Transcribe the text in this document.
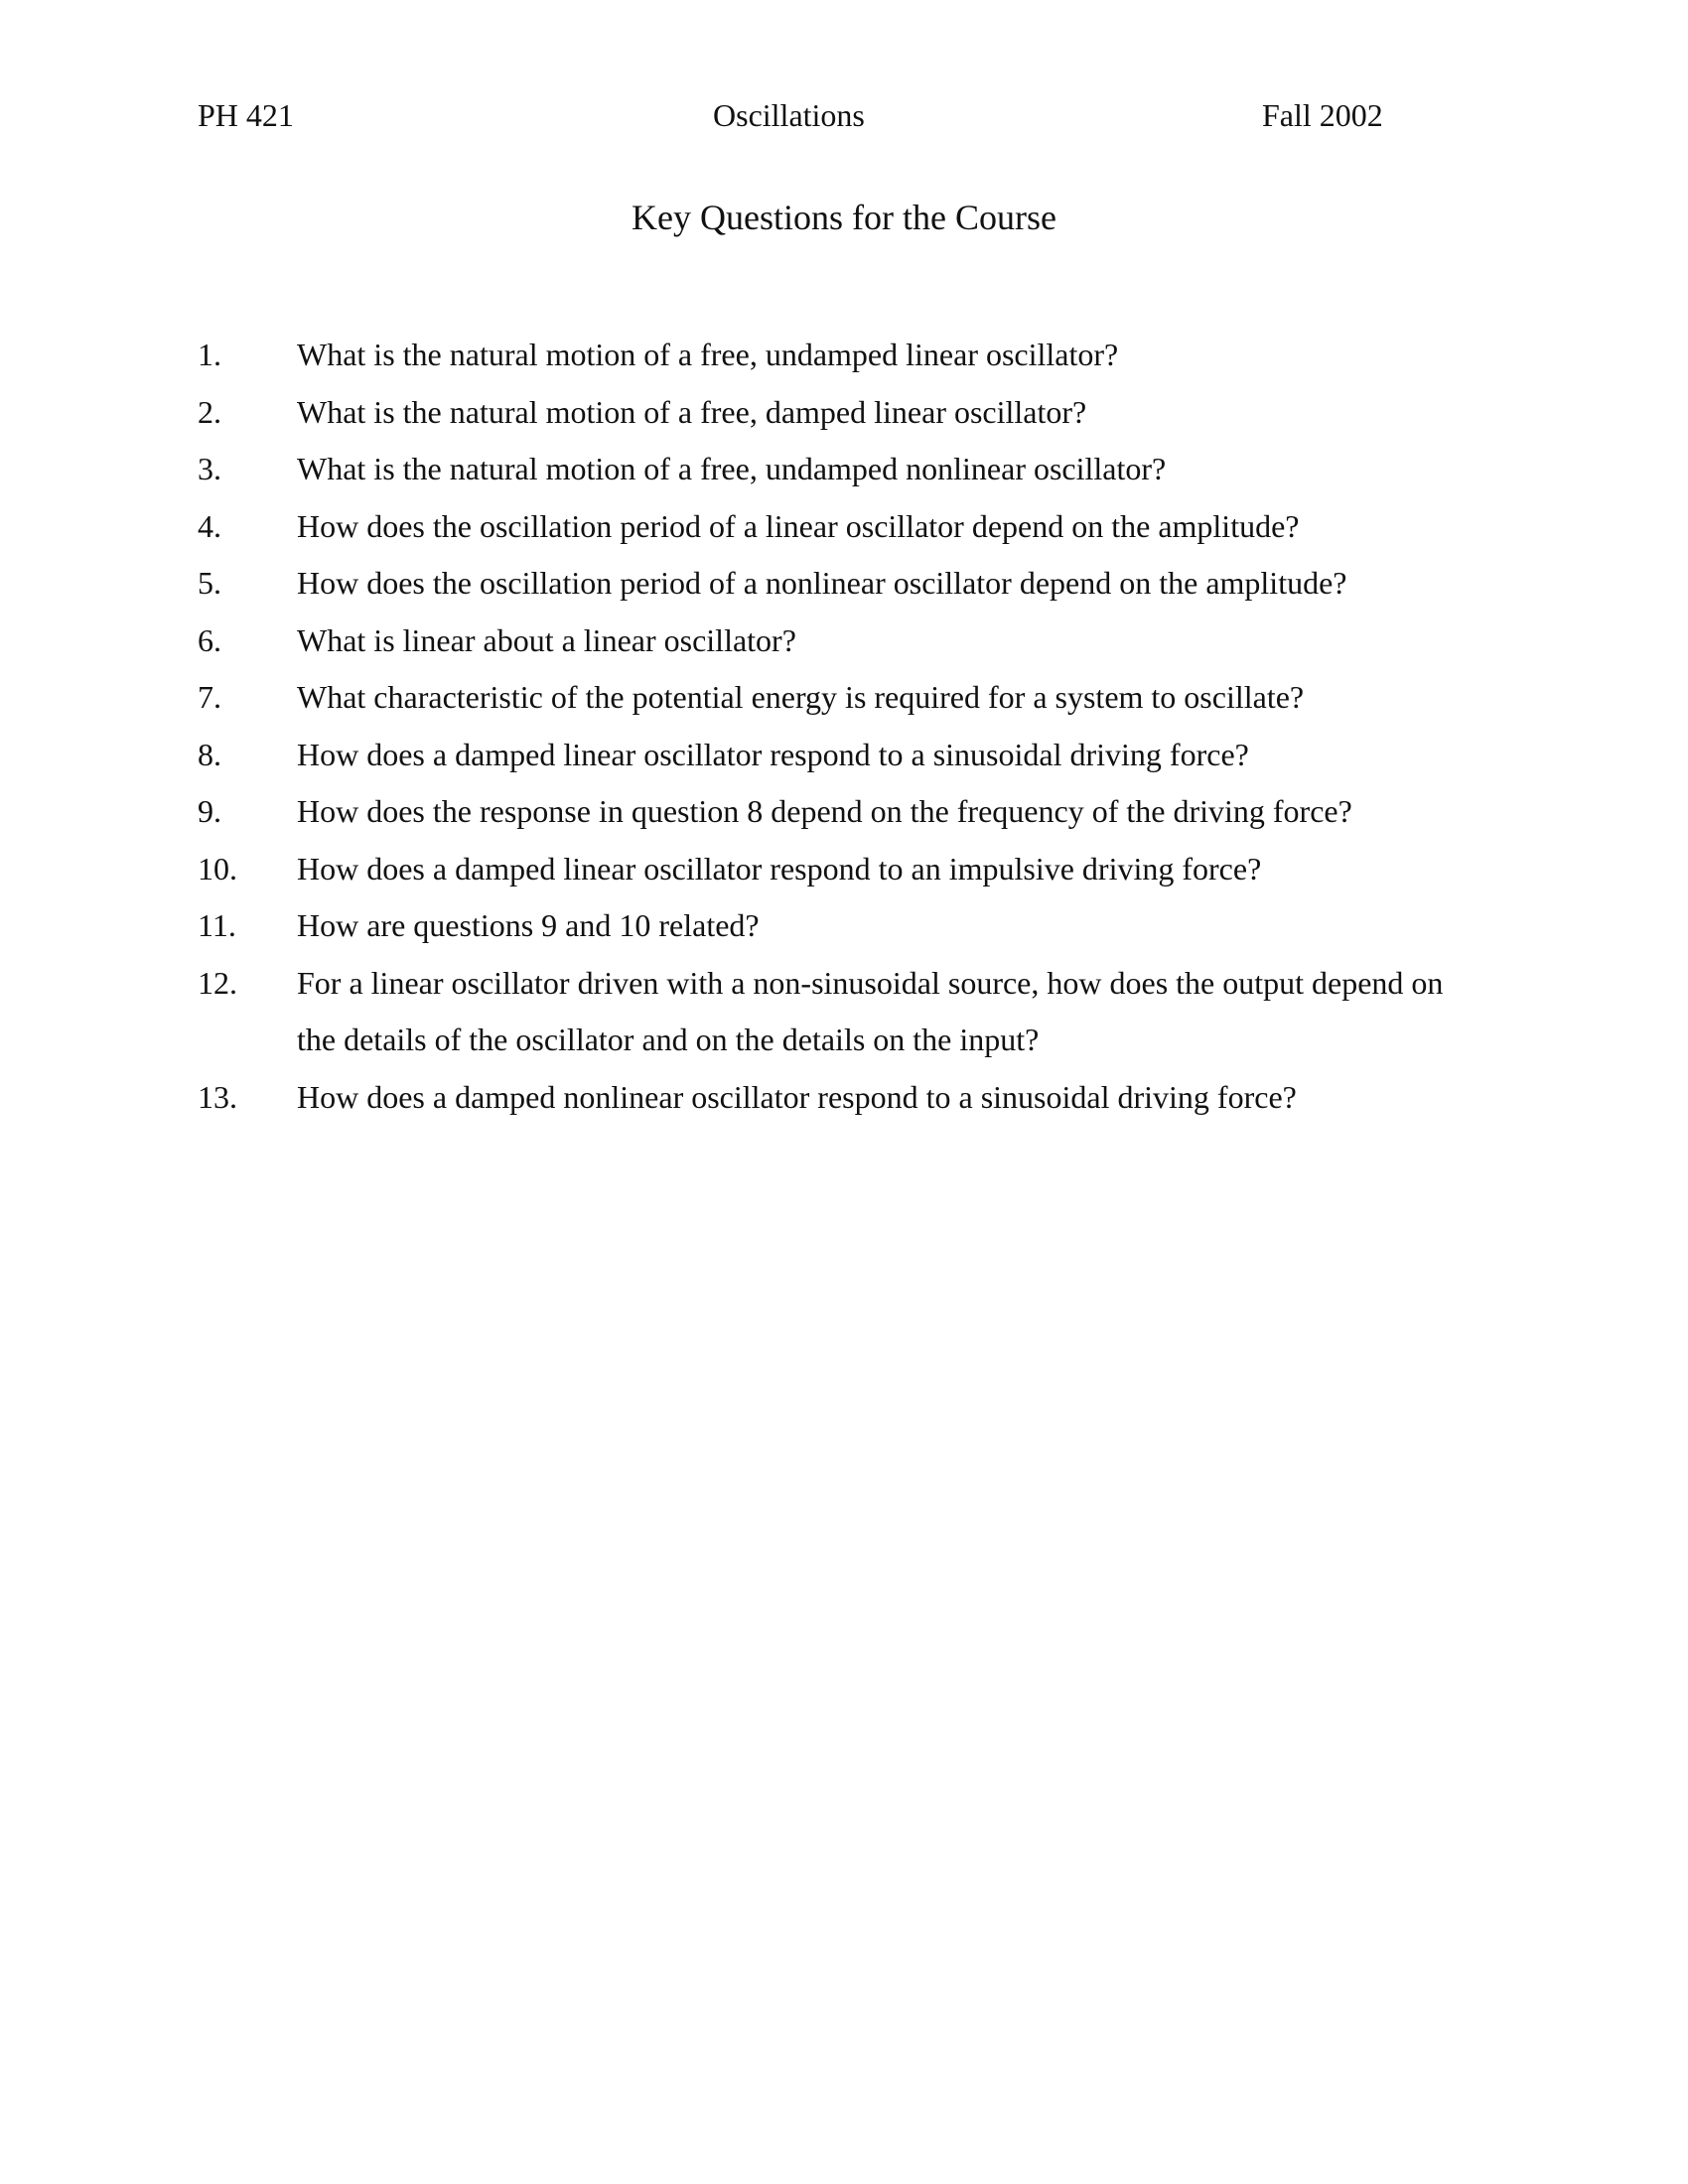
PH 421	Oscillations	Fall 2002
Key Questions for the Course
1. What is the natural motion of a free, undamped linear oscillator?
2. What is the natural motion of a free, damped linear oscillator?
3. What is the natural motion of a free, undamped nonlinear oscillator?
4. How does the oscillation period of a linear oscillator depend on the amplitude?
5. How does the oscillation period of a nonlinear oscillator depend on the amplitude?
6. What is linear about a linear oscillator?
7. What characteristic of the potential energy is required for a system to oscillate?
8. How does a damped linear oscillator respond to a sinusoidal driving force?
9. How does the response in question 8 depend on the frequency of the driving force?
10. How does a damped linear oscillator respond to an impulsive driving force?
11. How are questions 9 and 10 related?
12. For a linear oscillator driven with a non-sinusoidal source, how does the output depend on the details of the oscillator and on the details on the input?
13. How does a damped nonlinear oscillator respond to a sinusoidal driving force?
